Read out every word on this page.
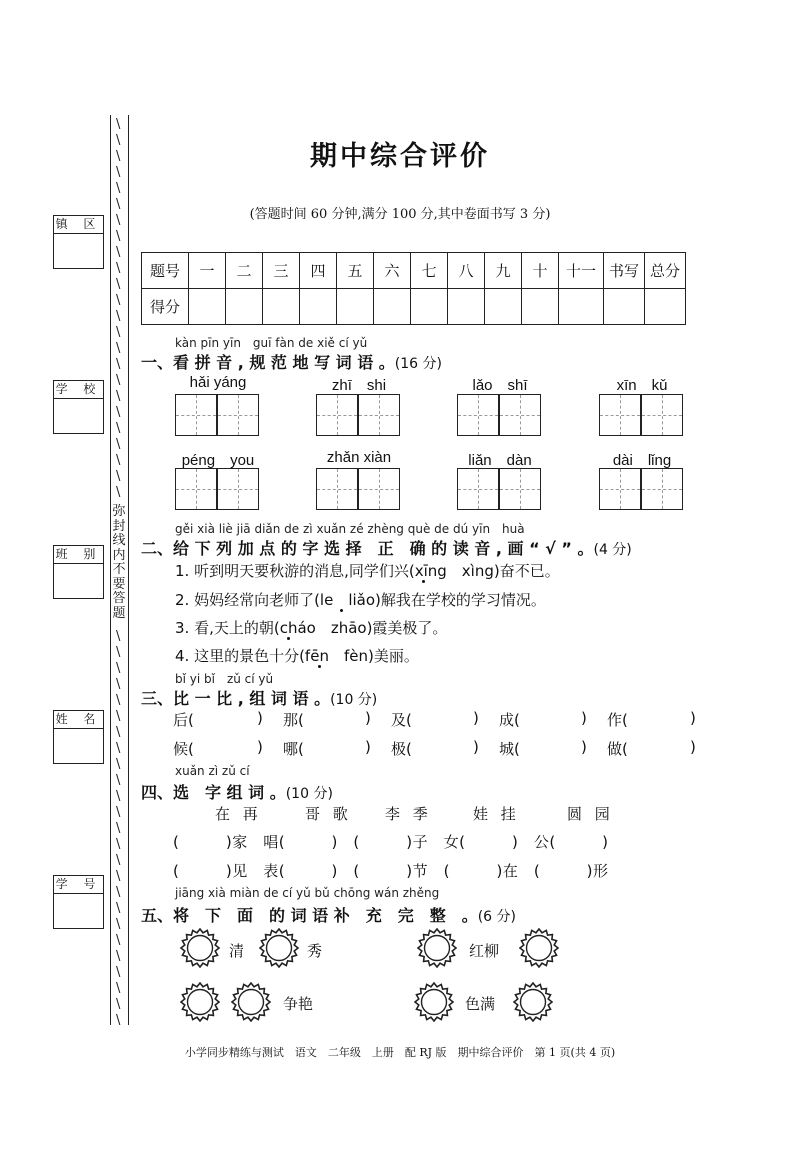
\
\
\
\
\
\
\
\
\
\
\
\
\
\
\
\
\
\
\
\
\
\
\
\
\
\
\
\
\
\
\
\
\
\
\
\
\
\
\
\
\
\
\
\
\
\
\
\
\
弥封线内不要答题
镇 区
学 校
班 别
姓 名
学 号
期中综合评价
(答题时间 60 分钟,满分 100 分,其中卷面书写 3 分)
题号	一	二	三	四	五	六	七	八	九	十	十一	书写	总分
得分													
kàn pīn yīn　guī fàn de xiě cí yǔ
一、看 拼 音 , 规 范 地 写 词 语 。(16 分)
hǎi yáng	zhī　shi	lǎo　shī	xīn　kǔ
péng　you	zhǎn xiàn	liǎn　dàn	dài　lǐng
gěi xià liè jiā diǎn de zì xuǎn zé zhèng què de dú yīn　huà
二、给 下 列 加 点 的 字 选 择　正　确 的 读 音 , 画 “ √ ” 。(4 分)
1. 听到明天要秋游的消息,同学们兴(xīng　xìng)奋不已。
2. 妈妈经常向老师了(le　liǎo)解我在学校的学习情况。
3. 看,天上的朝(cháo　zhāo)霞美极了。
4. 这里的景色十分(fēn　fèn)美丽。
bǐ yi bǐ　zǔ cí yǔ
三、比 一 比 , 组 词 语 。(10 分)
后(	) 那(	) 及(	) 成(	) 作(	)
候(	) 哪(	) 极(	) 城(	) 做(	)
xuǎn zì zǔ cí
四、选　字 组 词 。(10 分)
在 再	哥 歌 李 季	娃 挂	圆 园
(　　　)家　唱(　　　)　(　　　)子　女(　　　)　公(　　　)
(　　　)见　表(　　　)　(　　　)节　(　　　)在　(　　　)形
jiāng xià miàn de cí yǔ bǔ chōng wán zhěng
五、将　下　面　的 词 语 补　充　完　整　。(6 分)
清	秀	红柳
争艳	色满
小学同步精练与测试　语文　二年级　上册　配 RJ 版　期中综合评价　第 1 页(共 4 页)
